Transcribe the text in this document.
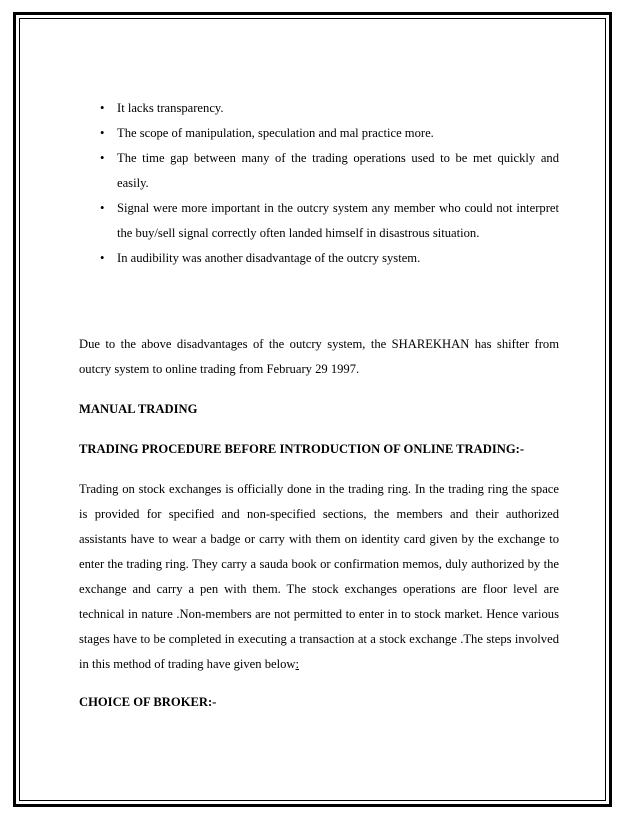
• It lacks transparency.
• The scope of manipulation, speculation and mal practice more.
• The time gap between many of the trading operations used to be met quickly and easily.
• Signal were more important in the outcry system any member who could not interpret the buy/sell signal correctly often landed himself in disastrous situation.
• In audibility was another disadvantage of the outcry system.

Due to the above disadvantages of the outcry system, the SHAREKHAN has shifter from outcry system to online trading from February 29 1997.

MANUAL TRADING
TRADING PROCEDURE BEFORE INTRODUCTION OF ONLINE TRADING:-

Trading on stock exchanges is officially done in the trading ring. In the trading ring the space is provided for specified and non-specified sections, the members and their authorized assistants have to wear a badge or carry with them on identity card given by the exchange to enter the trading ring. They carry a sauda book or confirmation memos, duly authorized by the exchange and carry a pen with them. The stock exchanges operations are floor level are technical in nature .Non-members are not permitted to enter in to stock market. Hence various stages have to be completed in executing a transaction at a stock exchange .The steps involved in this method of trading have given below:

CHOICE OF BROKER:-
